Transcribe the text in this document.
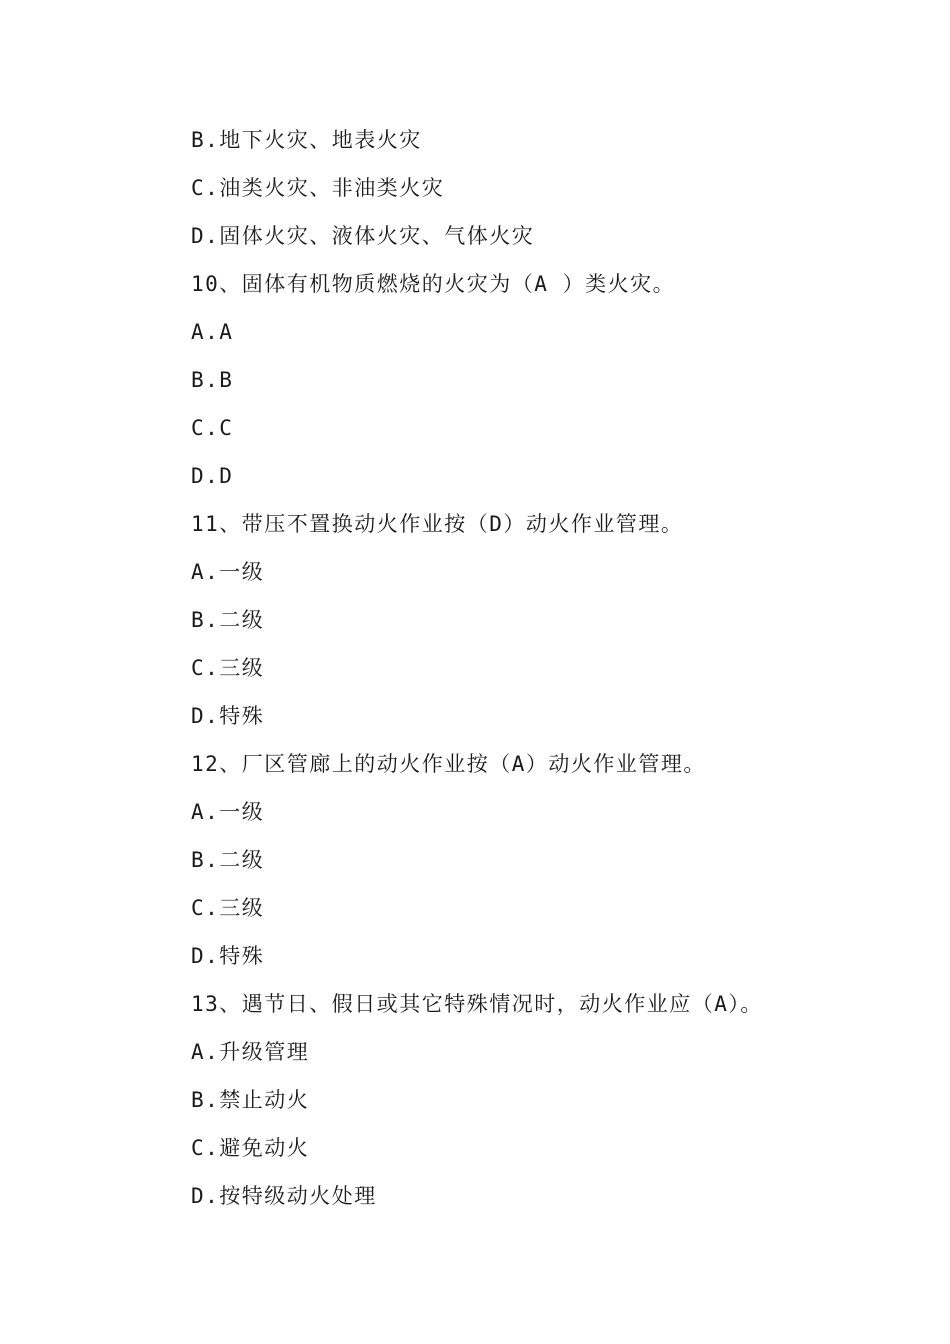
B.地下火灾、地表火灾
C.油类火灾、非油类火灾
D.固体火灾、液体火灾、气体火灾
10、固体有机物质燃烧的火灾为（A ）类火灾。
A.A
B.B
C.C
D.D
11、带压不置换动火作业按（D）动火作业管理。
A.一级
B.二级
C.三级
D.特殊
12、厂区管廊上的动火作业按（A）动火作业管理。
A.一级
B.二级
C.三级
D.特殊
13、遇节日、假日或其它特殊情况时，动火作业应（A）。
A.升级管理
B.禁止动火
C.避免动火
D.按特级动火处理
